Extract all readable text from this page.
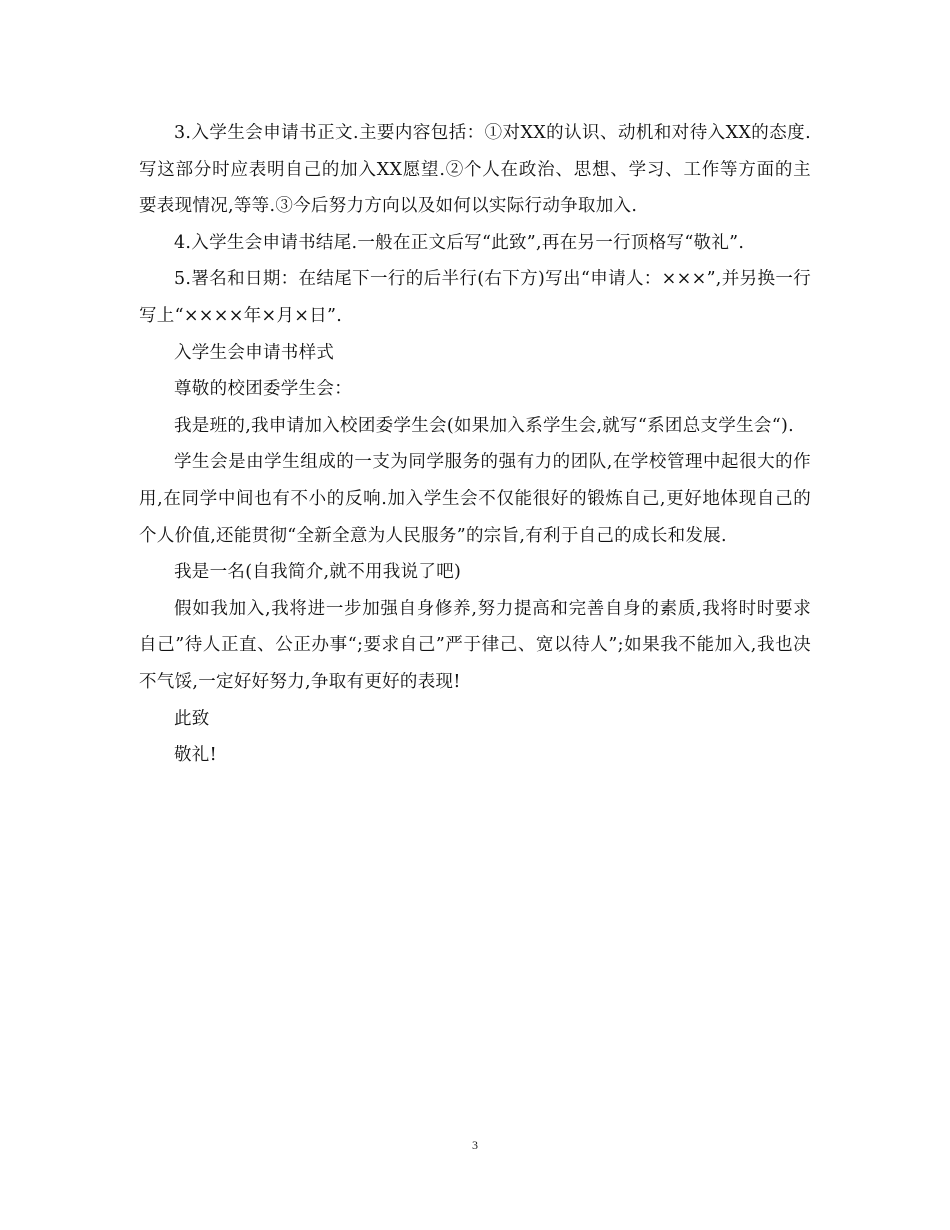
3.入学生会申请书正文.主要内容包括：①对XX的认识、动机和对待入XX的态度.写这部分时应表明自己的加入XX愿望.②个人在政治、思想、学习、工作等方面的主要表现情况,等等.③今后努力方向以及如何以实际行动争取加入.

4.入学生会申请书结尾.一般在正文后写“此致”,再在另一行顶格写“敬礼”.

5.署名和日期：在结尾下一行的后半行(右下方)写出“申请人：×××”,并另换一行写上“××××年×月×日”.

入学生会申请书样式

尊敬的校团委学生会：

我是班的,我申请加入校团委学生会(如果加入系学生会,就写“系团总支学生会“).

学生会是由学生组成的一支为同学服务的强有力的团队,在学校管理中起很大的作用,在同学中间也有不小的反响.加入学生会不仅能很好的锻炼自己,更好地体现自己的个人价值,还能贯彻“全新全意为人民服务”的宗旨,有利于自己的成长和发展.

我是一名(自我简介,就不用我说了吧)

假如我加入,我将进一步加强自身修养,努力提高和完善自身的素质,我将时时要求自己”待人正直、公正办事“;要求自己”严于律己、宽以待人”;如果我不能加入,我也决不气馁,一定好好努力,争取有更好的表现!

此致

敬礼!

3
